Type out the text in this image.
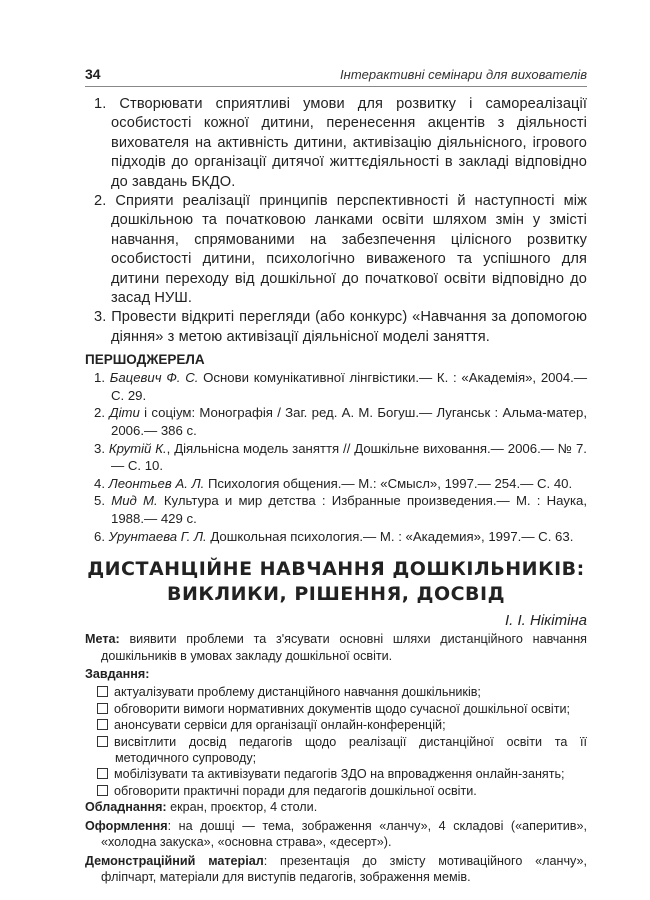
34	Інтерактивні семінари для вихователів
1. Створювати сприятливі умови для розвитку і самореалізації особистості кожної дитини, перенесення акцентів з діяльності вихователя на активність дитини, активізацію діяльнісного, ігрового підходів до організації дитячої життєдіяльності в закладі відповідно до завдань БКДО.
2. Сприяти реалізації принципів перспективності й наступності між дошкільною та початковою ланками освіти шляхом змін у змісті навчання, спрямованими на забезпечення цілісного розвитку особистості дитини, психологічно виваженого та успішного для дитини переходу від дошкільної до початкової освіти відповідно до засад НУШ.
3. Провести відкриті перегляди (або конкурс) «Навчання за допомогою діяння» з метою активізації діяльнісної моделі заняття.
ПЕРШОДЖЕРЕЛА
1. Бацевич Ф. С. Основи комунікативної лінгвістики.— К. : «Академія», 2004.— С. 29.
2. Діти і соціум: Монографія / Заг. ред. А. М. Богуш.— Луганськ : Альма-матер, 2006.— 386 с.
3. Крутій К., Діяльнісна модель заняття // Дошкільне виховання.— 2006.— № 7.— С. 10.
4. Леонтьев А. Л. Психология общения.— М.: «Смысл», 1997.— 254.— С. 40.
5. Мид М. Культура и мир детства : Избранные произведения.— М. : Наука, 1988.— 429 с.
6. Урунтаева Г. Л. Дошкольная психология.— М. : «Академия», 1997.— С. 63.
ДИСТАНЦІЙНЕ НАВЧАННЯ ДОШКІЛЬНИКІВ:
ВИКЛИКИ, РІШЕННЯ, ДОСВІД
І. І. Нікітіна
Мета: виявити проблеми та з'ясувати основні шляхи дистанційного навчання дошкільників в умовах закладу дошкільної освіти.
Завдання:
актуалізувати проблему дистанційного навчання дошкільників;
обговорити вимоги нормативних документів щодо сучасної дошкільної освіти;
анонсувати сервіси для організації онлайн-конференцій;
висвітлити досвід педагогів щодо реалізації дистанційної освіти та її методичного супроводу;
мобілізувати та активізувати педагогів ЗДО на впровадження онлайн-занять;
обговорити практичні поради для педагогів дошкільної освіти.
Обладнання: екран, проєктор, 4 столи.
Оформлення: на дошці — тема, зображення «ланчу», 4 складові («аперитив», «холодна закуска», «основна страва», «десерт»).
Демонстраційний матеріал: презентація до змісту мотиваційного «ланчу», фліпчарт, матеріали для виступів педагогів, зображення мемів.
